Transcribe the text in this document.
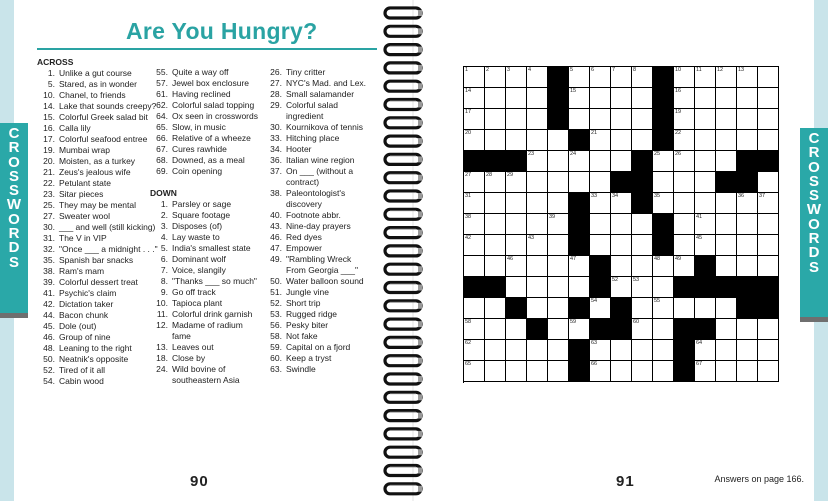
C
R
O
S
S
W
O
R
D
S
Are You Hungry?
ACROSS
1. Unlike a gut course
5. Stared, as in wonder
10. Chanel, to friends
14. Lake that sounds creepy?
15. Colorful Greek salad bit
16. Calla lily
17. Colorful seafood entree
19. Mumbai wrap
20. Moisten, as a turkey
21. Zeus's jealous wife
22. Petulant state
23. Sitar pieces
25. They may be mental
27. Sweater wool
30. ___ and well (still kicking)
31. The V in VIP
32. "Once ___ a midnight . . ."
35. Spanish bar snacks
38. Ram's mam
39. Colorful dessert treat
41. Psychic's claim
42. Dictation taker
44. Bacon chunk
45. Dole (out)
46. Group of nine
48. Leaning to the right
50. Neatnik's opposite
52. Tired of it all
54. Cabin wood
55. Quite a way off
57. Jewel box enclosure
61. Having reclined
62. Colorful salad topping
64. Ox seen in crosswords
65. Slow, in music
66. Relative of a wheeze
67. Cures rawhide
68. Downed, as a meal
69. Coin opening

DOWN
1. Parsley or sage
2. Square footage
3. Disposes (of)
4. Lay waste to
5. India's smallest state
6. Dominant wolf
7. Voice, slangily
8. "Thanks ___ so much"
9. Go off track
10. Tapioca plant
11. Colorful drink garnish
12. Madame of radium
fame
13. Leaves out
18. Close by
24. Wild bovine of
southeastern Asia
26. Tiny critter
27. NYC's Mad. and Lex.
28. Small salamander
29. Colorful salad
ingredient
30. Kournikova of tennis
33. Hitching place
34. Hooter
36. Italian wine region
37. On ___ (without a
contract)
38. Paleontologist's
discovery
40. Footnote abbr.
43. Nine-day prayers
46. Red dyes
47. Empower
49. "Rambling Wreck
From Georgia ___"
50. Water balloon sound
51. Jungle vine
52. Short trip
53. Rugged ridge
56. Pesky biter
58. Not fake
59. Capital on a fjord
60. Keep a tryst
63. Swindle
90
C
R
O
S
S
W
O
R
D
S
91	Answers on page 166.
1	2	3	4	5	6	7	8	10	11	12	13
14	15	16
17	19
20	21	22
23	24	25	26
27	28	29
31	33	34	35	36	37
38	39	41
42	43	45
46	47	48	49
52	53
54	55
58	59	60
62	63	64
65	66	67
